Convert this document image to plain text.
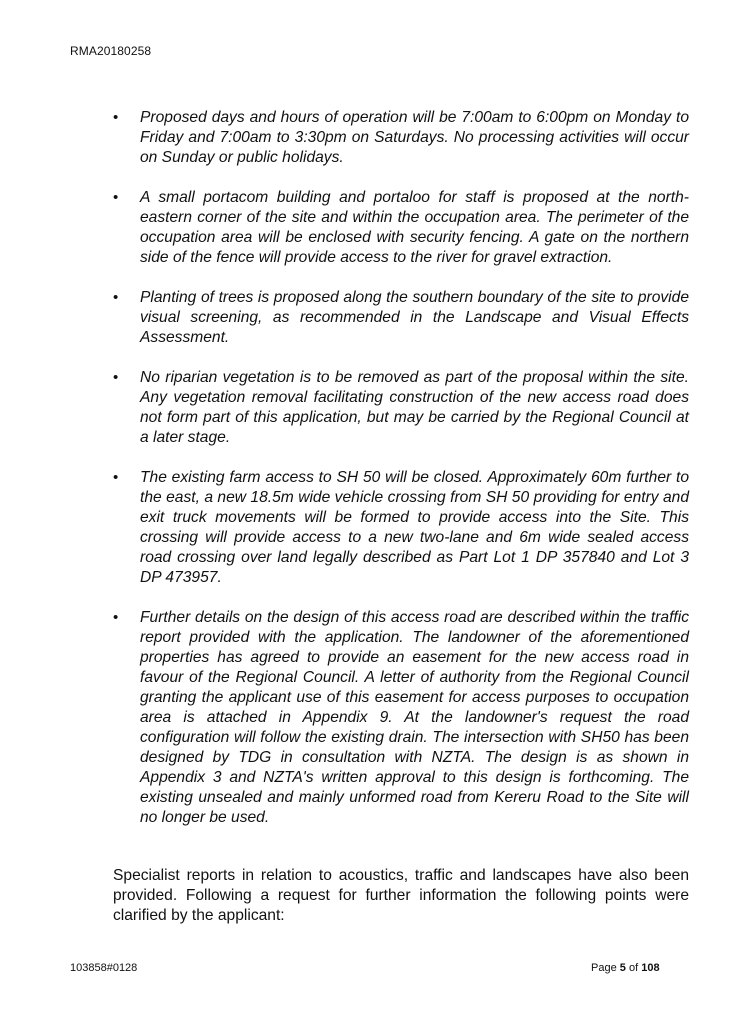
RMA20180258
• Proposed days and hours of operation will be 7:00am to 6:00pm on Monday to Friday and 7:00am to 3:30pm on Saturdays. No processing activities will occur on Sunday or public holidays.
• A small portacom building and portaloo for staff is proposed at the north-eastern corner of the site and within the occupation area. The perimeter of the occupation area will be enclosed with security fencing. A gate on the northern side of the fence will provide access to the river for gravel extraction.
• Planting of trees is proposed along the southern boundary of the site to provide visual screening, as recommended in the Landscape and Visual Effects Assessment.
• No riparian vegetation is to be removed as part of the proposal within the site. Any vegetation removal facilitating construction of the new access road does not form part of this application, but may be carried by the Regional Council at a later stage.
• The existing farm access to SH 50 will be closed. Approximately 60m further to the east, a new 18.5m wide vehicle crossing from SH 50 providing for entry and exit truck movements will be formed to provide access into the Site. This crossing will provide access to a new two-lane and 6m wide sealed access road crossing over land legally described as Part Lot 1 DP 357840 and Lot 3 DP 473957.
• Further details on the design of this access road are described within the traffic report provided with the application. The landowner of the aforementioned properties has agreed to provide an easement for the new access road in favour of the Regional Council. A letter of authority from the Regional Council granting the applicant use of this easement for access purposes to occupation area is attached in Appendix 9. At the landowner's request the road configuration will follow the existing drain. The intersection with SH50 has been designed by TDG in consultation with NZTA. The design is as shown in Appendix 3 and NZTA's written approval to this design is forthcoming. The existing unsealed and mainly unformed road from Kereru Road to the Site will no longer be used.

Specialist reports in relation to acoustics, traffic and landscapes have also been provided. Following a request for further information the following points were clarified by the applicant:

103858#0128	Page 5 of 108
